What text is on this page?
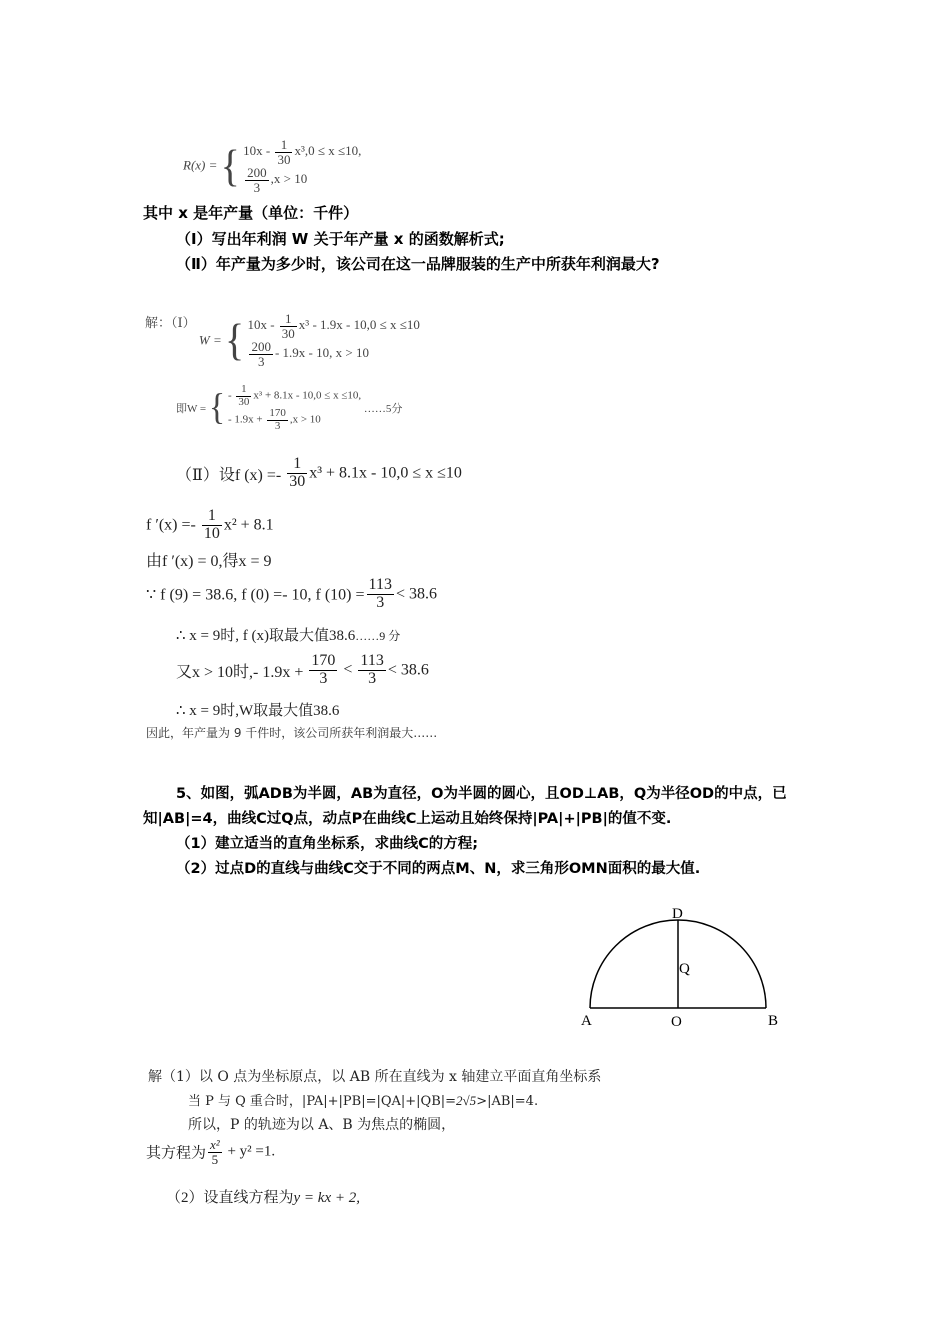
R(x) = { $10x - \frac{1}{30} x^3,0 \le x \le 10$,
$\frac{200}{3} ,x > 10$
其中 x 是年产量（单位：千件）
（Ⅰ）写出年利润 W 关于年产量 x 的函数解析式;
（Ⅱ）年产量为多少时，该公司在这一品牌服装的生产中所获年利润最大?
解：（Ⅰ） W = { $10x - \frac{1}{30} x^3 - 1.9x - 10,0 \le x \le 10$
$\frac{200}{3} - 1.9x - 10$, x > 10
即W = { - $\frac{1}{30} x^3 + 8.1x - 10,0 \le x \le 10$,
- $1.9x + \frac{170}{3} ,x > 10$
……5分
（Ⅱ）设f $(x) =- \frac{1}{30} x^3 + 8.1x - 10,0 \le x \le 10$
f $'(x) =- \frac{1}{10} x^2 + 8.1$
由f ′(x) = 0,得x = 9
∵ f (9) = 38.6, f (0) =- 10, f $(10) = \frac{113}{3} < 38.6$
∴ x = 9时, f (x)取最大值38.6……9 分
又x > 10时,- $1.9x + \frac{170}{3} < \frac{113}{3} < 38.6$
∴ x = 9时,W取最大值38.6
因此，年产量为 9 千件时，该公司所获年利润最大……
5、如图，弧ADB为半圆，AB为直径，O为半圆的圆心，且OD⊥AB，Q为半径OD的中点，已
知|AB|=4，曲线C过Q点，动点P在曲线C上运动且始终保持|PA|+|PB|的值不变.
（1）建立适当的直角坐标系，求曲线C的方程;
（2）过点D的直线与曲线C交于不同的两点M、N，求三角形OMN面积的最大值.
A	B
O
D
Q
解（1）以 O 点为坐标原点，以 AB 所在直线为 x 轴建立平面直角坐标系
当 P 与 Q 重合时，|PA|+|PB|=|QA|+|QB|=2√5>|AB|=4.
所以，P 的轨迹为以 A、B 为焦点的椭圆，
其方程为 $\frac{\text{x²}}{5} + y^2 =1$.
（2）设直线方程为y = kx + 2,
